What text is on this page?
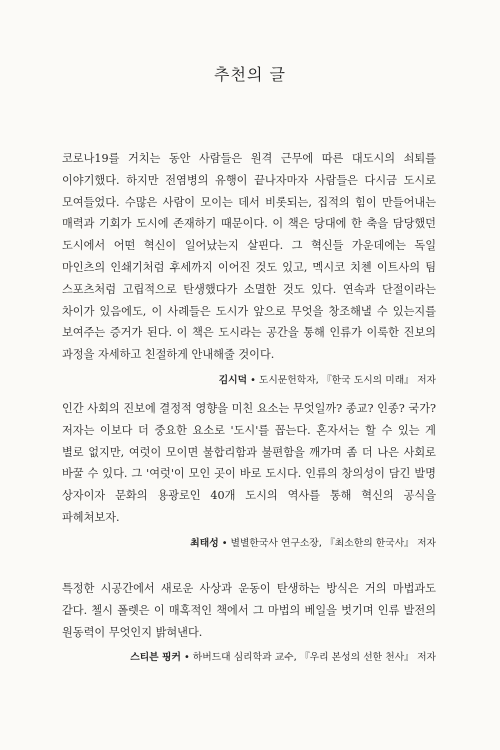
추천의 글

코로나19를 거치는 동안 사람들은 원격 근무에 따른 대도시의 쇠퇴를 이야기했다. 하지만 전염병의 유행이 끝나자마자 사람들은 다시금 도시로 모여들었다. 수많은 사람이 모이는 데서 비롯되는, 집적의 힘이 만들어내는 매력과 기회가 도시에 존재하기 때문이다. 이 책은 당대에 한 축을 담당했던 도시에서 어떤 혁신이 일어났는지 살핀다. 그 혁신들 가운데에는 독일 마인츠의 인쇄기처럼 후세까지 이어진 것도 있고, 멕시코 치첸 이트사의 팀 스포츠처럼 고립적으로 탄생했다가 소멸한 것도 있다. 연속과 단절이라는 차이가 있음에도, 이 사례들은 도시가 앞으로 무엇을 창조해낼 수 있는지를 보여주는 증거가 된다. 이 책은 도시라는 공간을 통해 인류가 이룩한 진보의 과정을 자세하고 친절하게 안내해줄 것이다.

김시덕 • 도시문헌학자, 『한국 도시의 미래』 저자

인간 사회의 진보에 결정적 영향을 미친 요소는 무엇일까? 종교? 인종? 국가? 저자는 이보다 더 중요한 요소로 '도시'를 꼽는다. 혼자서는 할 수 있는 게 별로 없지만, 여럿이 모이면 불합리함과 불편함을 깨가며 좀 더 나은 사회로 바꿀 수 있다. 그 '여럿'이 모인 곳이 바로 도시다. 인류의 창의성이 담긴 발명 상자이자 문화의 용광로인 40개 도시의 역사를 통해 혁신의 공식을 파헤쳐보자.

최태성 • 별별한국사 연구소장, 『최소한의 한국사』 저자

특정한 시공간에서 새로운 사상과 운동이 탄생하는 방식은 거의 마법과도 같다. 첼시 폴렛은 이 매혹적인 책에서 그 마법의 베일을 벗기며 인류 발전의 원동력이 무엇인지 밝혀낸다.

스티븐 핑커 • 하버드대 심리학과 교수, 『우리 본성의 선한 천사』 저자
